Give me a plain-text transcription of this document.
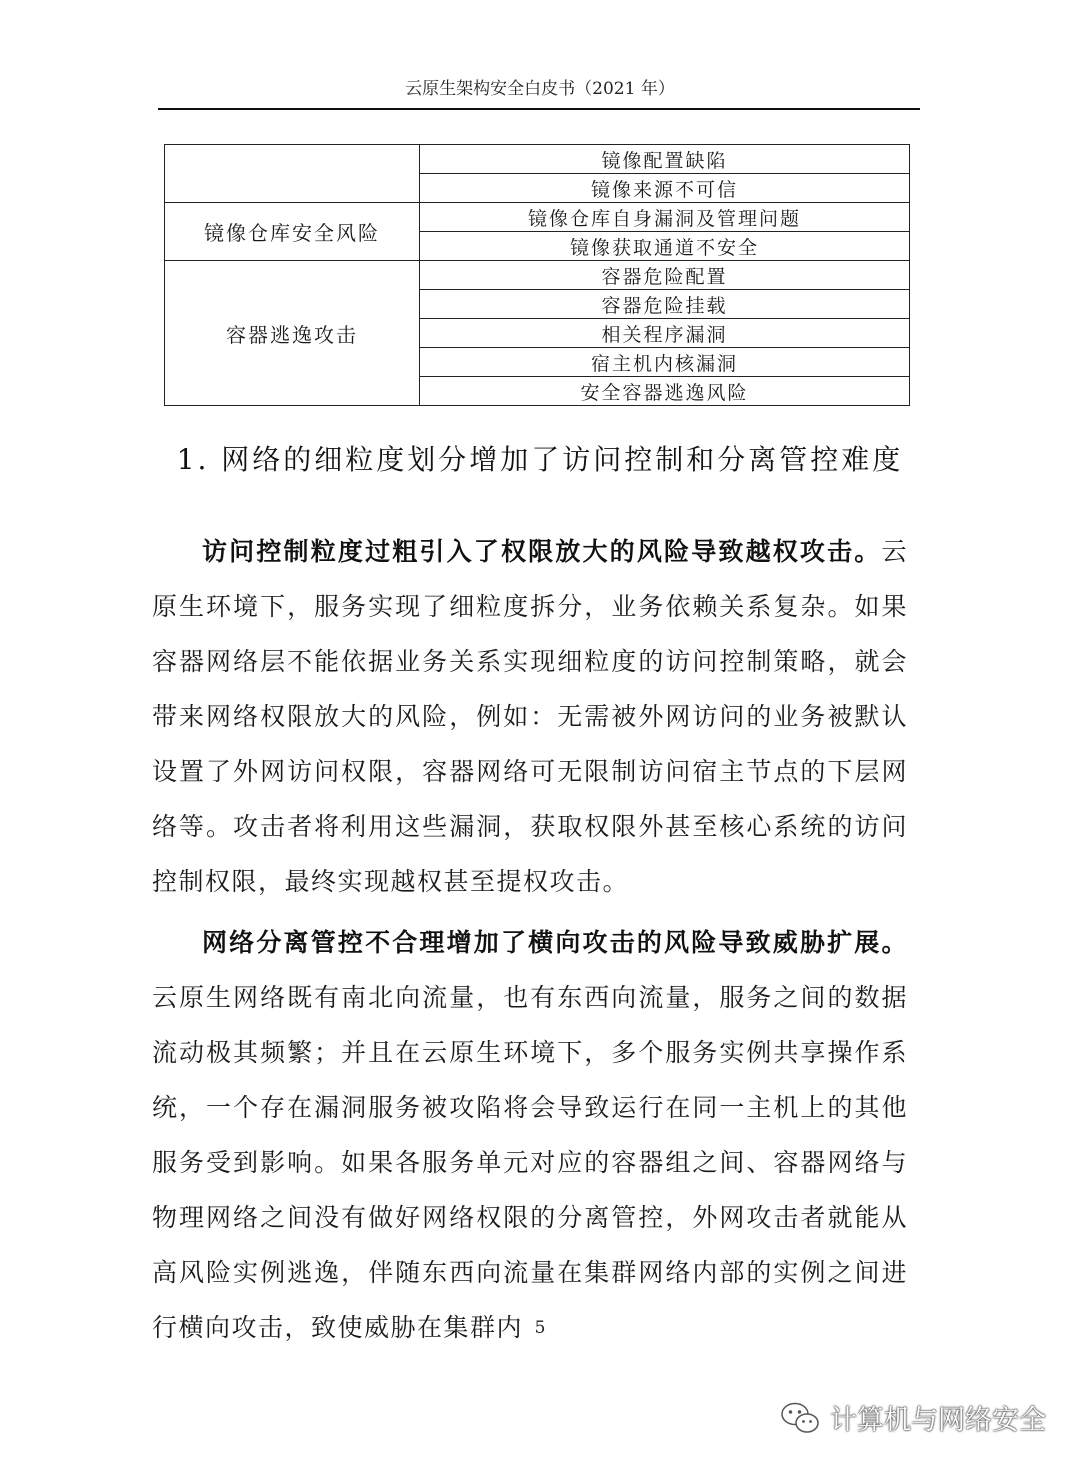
云原生架构安全白皮书（2021 年）
	镜像配置缺陷
	镜像来源不可信
镜像仓库安全风险	镜像仓库自身漏洞及管理问题
	镜像获取通道不安全
容器逃逸攻击	容器危险配置
	容器危险挂载
	相关程序漏洞
	宿主机内核漏洞
	安全容器逃逸风险
1. 网络的细粒度划分增加了访问控制和分离管控难度

访问控制粒度过粗引入了权限放大的风险导致越权攻击。云原生环境下，服务实现了细粒度拆分，业务依赖关系复杂。如果容器网络层不能依据业务关系实现细粒度的访问控制策略，就会带来网络权限放大的风险，例如：无需被外网访问的业务被默认设置了外网访问权限，容器网络可无限制访问宿主节点的下层网络等。攻击者将利用这些漏洞，获取权限外甚至核心系统的访问控制权限，最终实现越权甚至提权攻击。

网络分离管控不合理增加了横向攻击的风险导致威胁扩展。云原生网络既有南北向流量，也有东西向流量，服务之间的数据流动极其频繁；并且在云原生环境下，多个服务实例共享操作系统，一个存在漏洞服务被攻陷将会导致运行在同一主机上的其他服务受到影响。如果各服务单元对应的容器组之间、容器网络与物理网络之间没有做好网络权限的分离管控，外网攻击者就能从高风险实例逃逸，伴随东西向流量在集群网络内部的实例之间进行横向攻击，致使威胁在集群内 5
计算机与网络安全
